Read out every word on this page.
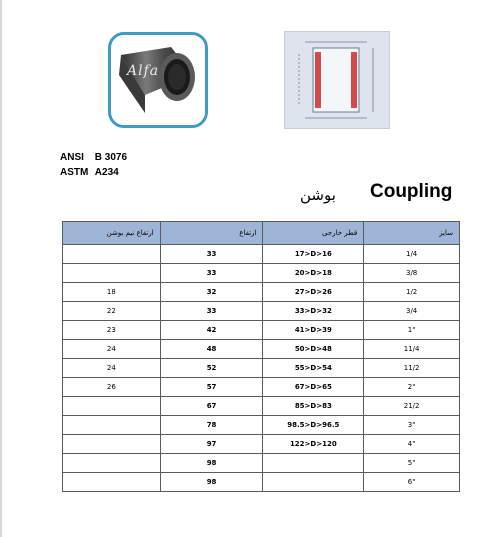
Alfa
ANSI B 3076
ASTM A234
بوشن Coupling
ارتفاع نیم بوشن	ارتفاع	قطر خارجی	سایز
	33	17>D>16	1/4
	33	20>D>18	3/8
18	32	27>D>26	1/2
22	33	33>D>32	3/4
23	42	41>D>39	1"
24	48	50>D>48	11/4
24	52	55>D>54	11/2
26	57	67>D>65	2"
	67	85>D>83	21/2
	78	98.5>D>96.5	3"
	97	122>D>120	4"
	98		5"
	98		6"
